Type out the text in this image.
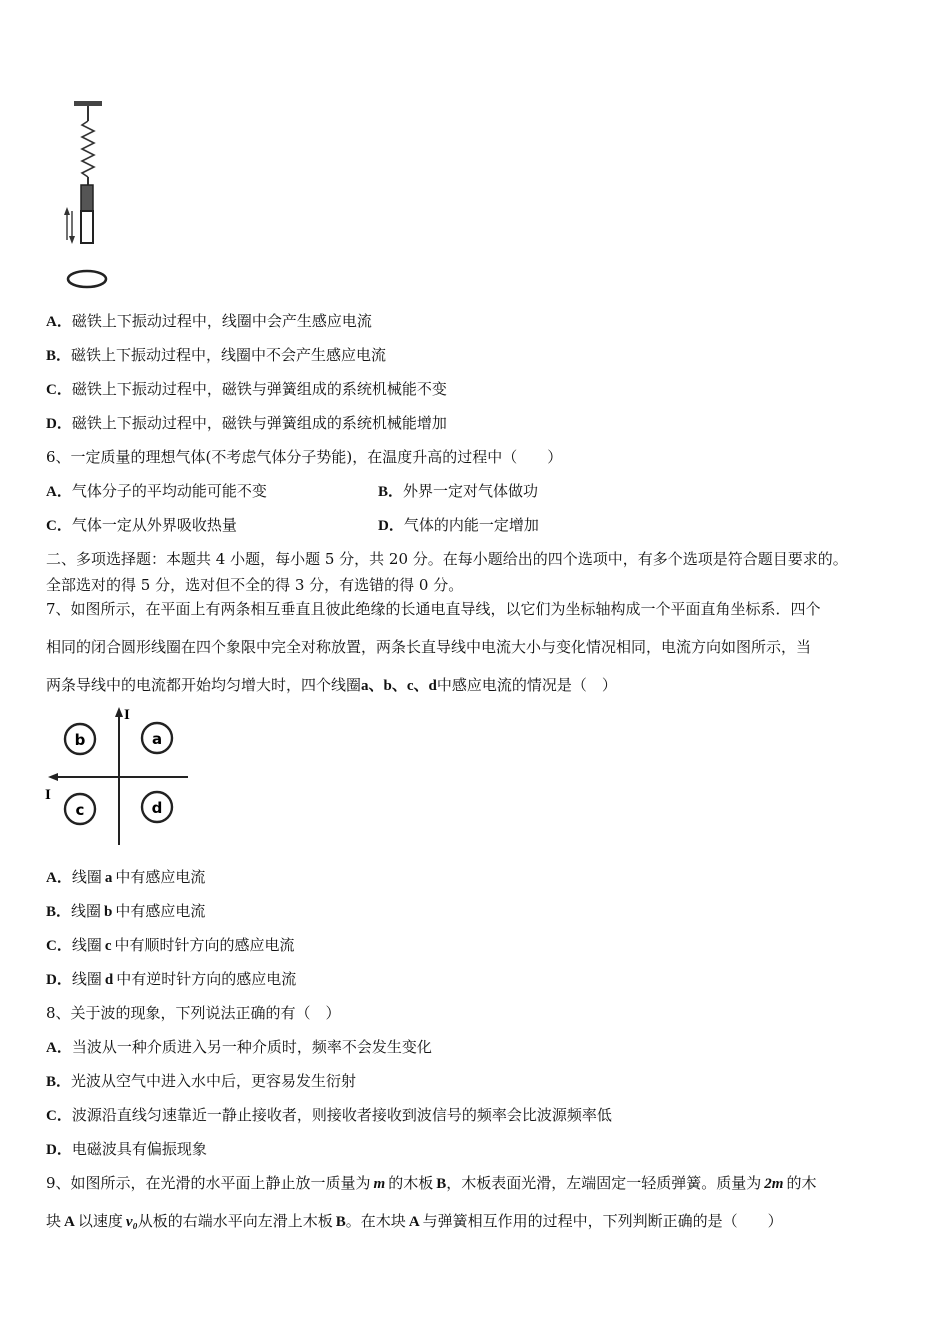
A．磁铁上下振动过程中，线圈中会产生感应电流
B．磁铁上下振动过程中，线圈中不会产生感应电流
C．磁铁上下振动过程中，磁铁与弹簧组成的系统机械能不变
D．磁铁上下振动过程中，磁铁与弹簧组成的系统机械能增加
6、一定质量的理想气体(不考虑气体分子势能)，在温度升高的过程中（　　）
A．气体分子的平均动能可能不变	B．外界一定对气体做功
C．气体一定从外界吸收热量	D．气体的内能一定增加
二、多项选择题：本题共 4 小题，每小题 5 分，共 20 分。在每小题给出的四个选项中，有多个选项是符合题目要求的。
全部选对的得 5 分，选对但不全的得 3 分，有选错的得 0 分。
7、如图所示，在平面上有两条相互垂直且彼此绝缘的长通电直导线，以它们为坐标轴构成一个平面直角坐标系．四个
相同的闭合圆形线圈在四个象限中完全对称放置，两条长直导线中电流大小与变化情况相同，电流方向如图所示，当
两条导线中的电流都开始均匀增大时，四个线圈a、b、c、d中感应电流的情况是（　）
I
I
b	a
c	d
A．线圈  a  中有感应电流
B．线圈  b  中有感应电流
C．线圈  c  中有顺时针方向的感应电流
D．线圈  d  中有逆时针方向的感应电流
8、关于波的现象，下列说法正确的有（　）
A．当波从一种介质进入另一种介质时，频率不会发生变化
B．光波从空气中进入水中后，更容易发生衍射
C．波源沿直线匀速靠近一静止接收者，则接收者接收到波信号的频率会比波源频率低
D．电磁波具有偏振现象
9、如图所示，在光滑的水平面上静止放一质量为  m  的木板  B，木板表面光滑，左端固定一轻质弹簧。质量为  2m  的木
块  A  以速度  v₀从板的右端水平向左滑上木板  B。在木块  A  与弹簧相互作用的过程中，下列判断正确的是（　　）
